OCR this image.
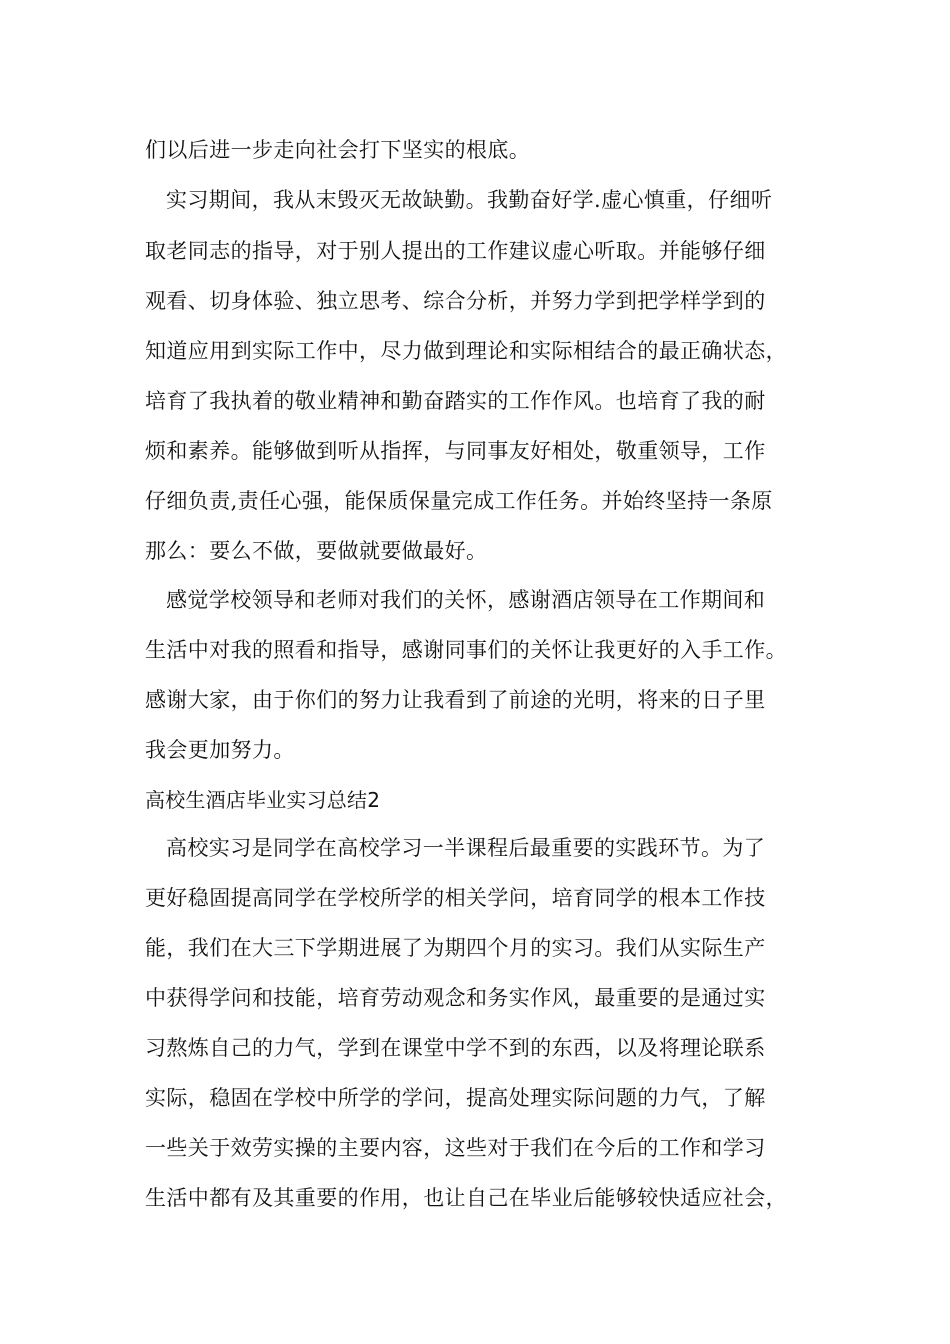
们以后进一步走向社会打下坚实的根底。
实习期间，我从末毁灭无故缺勤。我勤奋好学.虚心慎重，仔细听
取老同志的指导，对于别人提出的工作建议虚心听取。并能够仔细
观看、切身体验、独立思考、综合分析，并努力学到把学样学到的
知道应用到实际工作中，尽力做到理论和实际相结合的最正确状态，
培育了我执着的敬业精神和勤奋踏实的工作作风。也培育了我的耐
烦和素养。能够做到听从指挥，与同事友好相处，敬重领导，工作
仔细负责,责任心强，能保质保量完成工作任务。并始终坚持一条原
那么：要么不做，要做就要做最好。
感觉学校领导和老师对我们的关怀，感谢酒店领导在工作期间和
生活中对我的照看和指导，感谢同事们的关怀让我更好的入手工作。
感谢大家，由于你们的努力让我看到了前途的光明，将来的日子里
我会更加努力。
高校生酒店毕业实习总结2
高校实习是同学在高校学习一半课程后最重要的实践环节。为了
更好稳固提高同学在学校所学的相关学问，培育同学的根本工作技
能，我们在大三下学期进展了为期四个月的实习。我们从实际生产
中获得学问和技能，培育劳动观念和务实作风，最重要的是通过实
习熬炼自己的力气，学到在课堂中学不到的东西，以及将理论联系
实际，稳固在学校中所学的学问，提高处理实际问题的力气，了解
一些关于效劳实操的主要内容，这些对于我们在今后的工作和学习
生活中都有及其重要的作用，也让自己在毕业后能够较快适应社会，
